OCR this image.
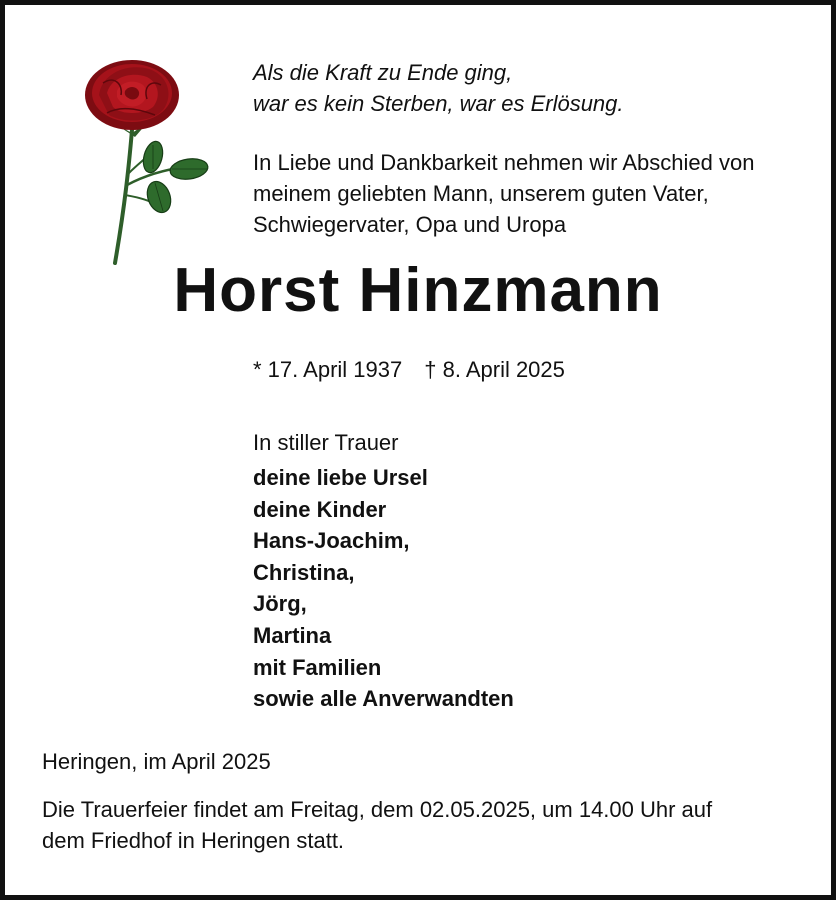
Als die Kraft zu Ende ging,
war es kein Sterben, war es Erlösung.
In Liebe und Dankbarkeit nehmen wir Abschied von
meinem geliebten Mann, unserem guten Vater,
Schwiegervater, Opa und Uropa
Horst Hinzmann
* 17. April 1937 † 8. April 2025
In stiller Trauer
deine liebe Ursel
deine Kinder
Hans-Joachim,
Christina,
Jörg,
Martina
mit Familien
sowie alle Anverwandten
Heringen, im April 2025
Die Trauerfeier findet am Freitag, dem 02.05.2025, um 14.00 Uhr auf
dem Friedhof in Heringen statt.
